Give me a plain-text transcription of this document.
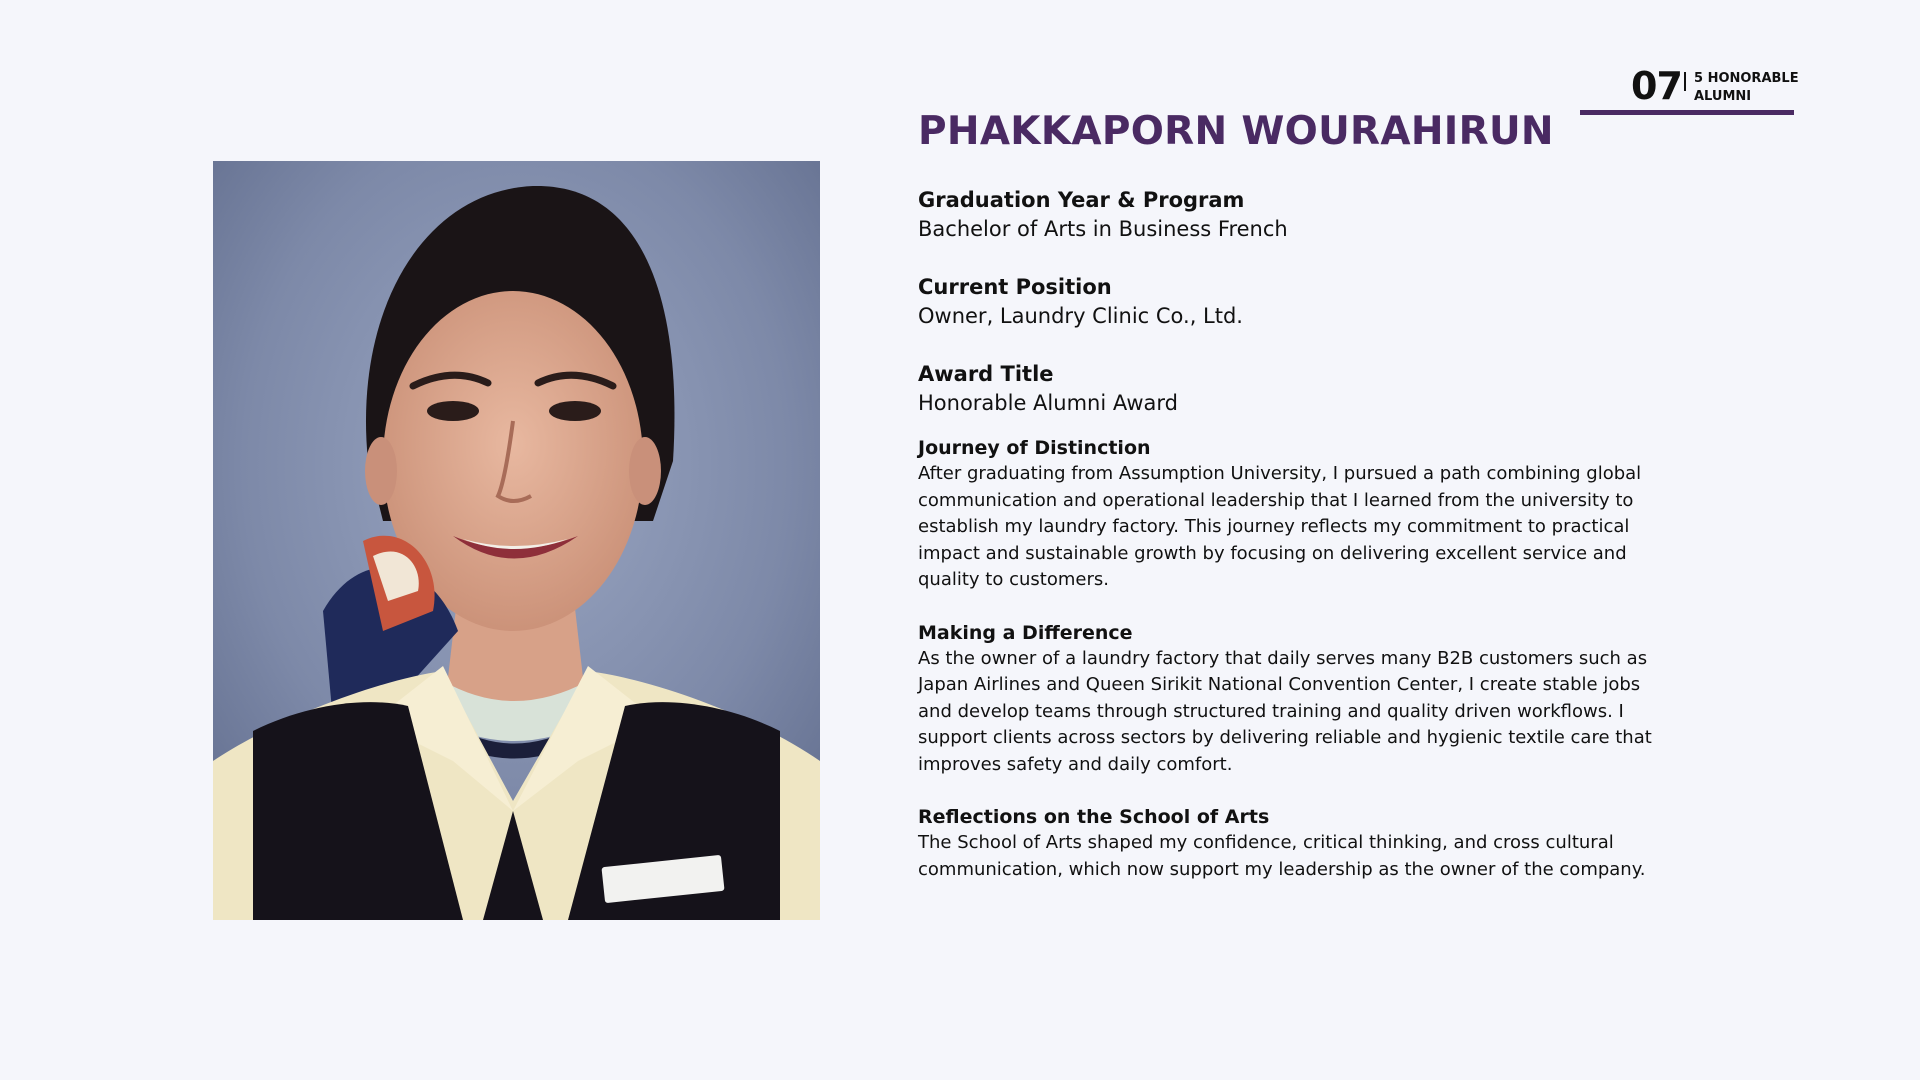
07 5 HONORABLE
ALUMNI
PHAKKAPORN WOURAHIRUN
Graduation Year & Program
Bachelor of Arts in Business French
Current Position
Owner, Laundry Clinic Co., Ltd.
Award Title
Honorable Alumni Award
Journey of Distinction
After graduating from Assumption University, I pursued a path combining global communication and operational leadership that I learned from the university to establish my laundry factory. This journey reflects my commitment to practical impact and sustainable growth by focusing on delivering excellent service and quality to customers.
Making a Difference
As the owner of a laundry factory that daily serves many B2B customers such as Japan Airlines and Queen Sirikit National Convention Center, I create stable jobs and develop teams through structured training and quality driven workflows. I support clients across sectors by delivering reliable and hygienic textile care that improves safety and daily comfort.
Reflections on the School of Arts
The School of Arts shaped my confidence, critical thinking, and cross cultural communication, which now support my leadership as the owner of the company.
